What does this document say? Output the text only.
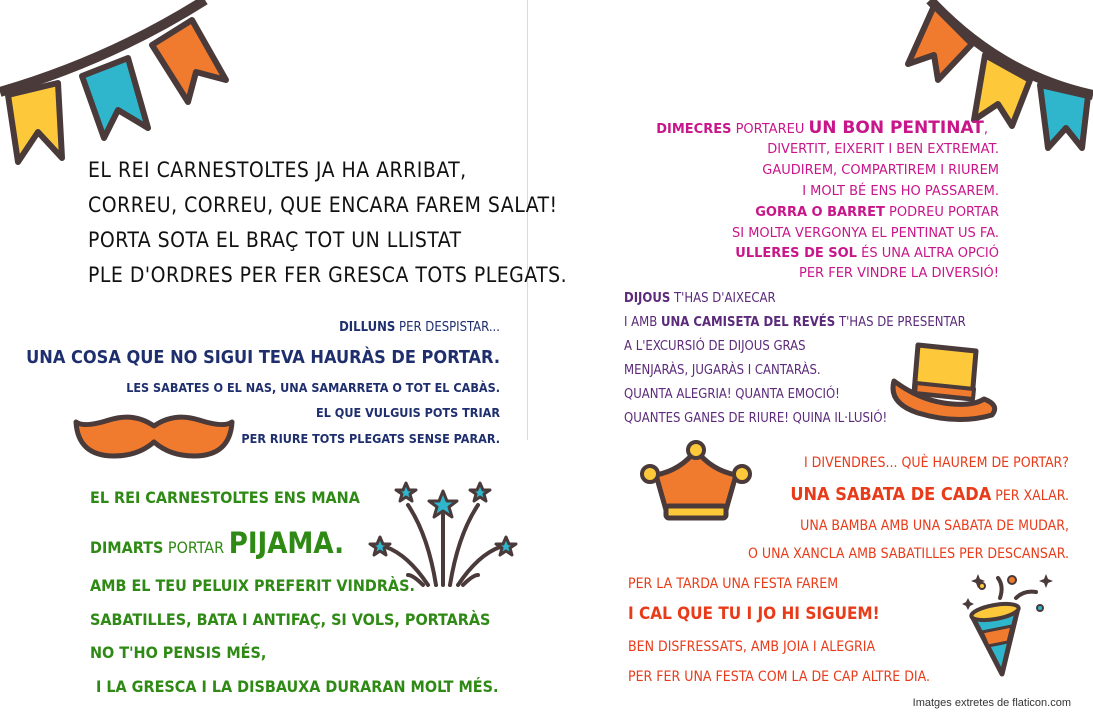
EL REI CARNESTOLTES JA HA ARRIBAT,
CORREU, CORREU, QUE ENCARA FAREM SALAT!
PORTA SOTA EL BRAÇ TOT UN LLISTAT
PLE D'ORDRES PER FER GRESCA TOTS PLEGATS.
DILLUNS PER DESPISTAR...
UNA COSA QUE NO SIGUI TEVA HAURÀS DE PORTAR.
LES SABATES O EL NAS, UNA SAMARRETA O TOT EL CABÀS.
EL QUE VULGUIS POTS TRIAR
PER RIURE TOTS PLEGATS SENSE PARAR.
EL REI CARNESTOLTES ENS MANA
DIMARTS PORTAR PIJAMA.
AMB EL TEU PELUIX PREFERIT VINDRÀS.
SABATILLES, BATA I ANTIFAÇ, SI VOLS, PORTARÀS
NO T'HO PENSIS MÉS,
I LA GRESCA I LA DISBAUXA DURARAN MOLT MÉS.
DIMECRES PORTAREU UN BON PENTINAT,
DIVERTIT, EIXERIT I BEN EXTREMAT.
GAUDIREM, COMPARTIREM I RIUREM
I MOLT BÉ ENS HO PASSAREM.
GORRA O BARRET PODREU PORTAR
SI MOLTA VERGONYA EL PENTINAT US FA.
ULLERES DE SOL ÉS UNA ALTRA OPCIÓ
PER FER VINDRE LA DIVERSIÓ!
DIJOUS T'HAS D'AIXECAR
I AMB UNA CAMISETA DEL REVÉS T'HAS DE PRESENTAR
A L'EXCURSIÓ DE DIJOUS GRAS
MENJARÀS, JUGARÀS I CANTARÀS.
QUANTA ALEGRIA! QUANTA EMOCIÓ!
QUANTES GANES DE RIURE! QUINA IL·LUSIÓ!
I DIVENDRES... QUÈ HAUREM DE PORTAR?
UNA SABATA DE CADA PER XALAR.
UNA BAMBA AMB UNA SABATA DE MUDAR,
O UNA XANCLA AMB SABATILLES PER DESCANSAR.
PER LA TARDA UNA FESTA FAREM
I CAL QUE TU I JO HI SIGUEM!
BEN DISFRESSATS, AMB JOIA I ALEGRIA
PER FER UNA FESTA COM LA DE CAP ALTRE DIA.
Imatges extretes de flaticon.com
